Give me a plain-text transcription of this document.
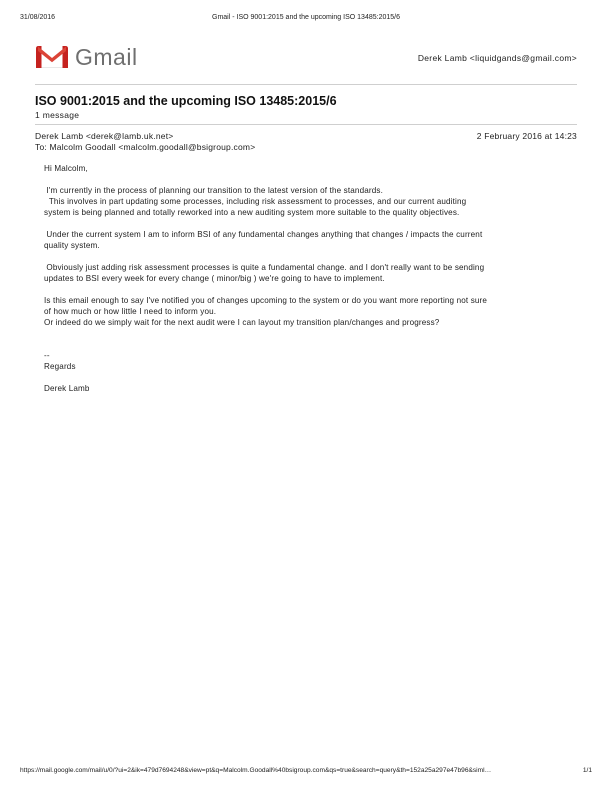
31/08/2016	Gmail - ISO 9001:2015 and the upcoming ISO 13485:2015/6
Gmail	Derek Lamb <liquidgands@gmail.com>
ISO 9001:2015 and the upcoming ISO 13485:2015/6
1 message
Derek Lamb <derek@lamb.uk.net>	2 February 2016 at 14:23
To: Malcolm Goodall <malcolm.goodall@bsigroup.com>

Hi Malcolm,

I'm currently in the process of planning our transition to the latest version of the standards.

This involves in part updating some processes, including risk assessment to processes, and our current auditing

system is being planned and totally reworked into a new auditing system more suitable to the quality objectives.

Under the current system I am to inform BSI of any fundamental changes anything that changes / impacts the current

quality system.

Obviously just adding risk assessment processes is quite a fundamental change. and I don't really want to be sending

updates to BSI every week for every change ( minor/big ) we're going to have to implement.

Is this email enough to say I've notified you of changes upcoming to the system or do you want more reporting not sure

of how much or how little I need to inform you.

Or indeed do we simply wait for the next audit were I can layout my transition plan/changes and progress?

--

Regards

Derek Lamb

https://mail.google.com/mail/u/0/?ui=2&ik=479d7694248&view=pt&q=Malcolm.Goodall%40bsigroup.com&qs=true&search=query&th=152a25a297e47b96&siml…	1/1
